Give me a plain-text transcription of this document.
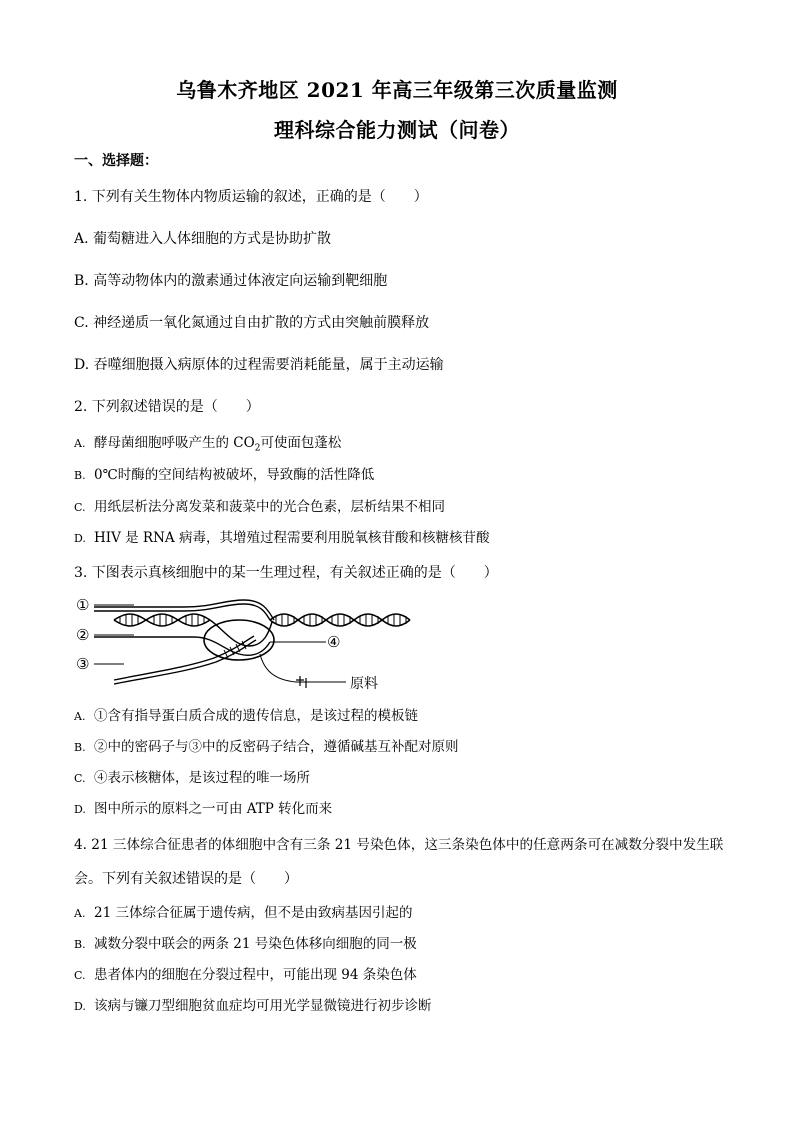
乌鲁木齐地区 2021 年高三年级第三次质量监测
理科综合能力测试（问卷）
一、选择题：
1. 下列有关生物体内物质运输的叙述，正确的是（　　）
A. 葡萄糖进入人体细胞的方式是协助扩散
B. 高等动物体内的激素通过体液定向运输到靶细胞
C. 神经递质一氧化氮通过自由扩散的方式由突触前膜释放
D. 吞噬细胞摄入病原体的过程需要消耗能量，属于主动运输
2. 下列叙述错误的是（　　）
A. 酵母菌细胞呼吸产生的 $CO_2$可使面包蓬松
B. 0℃时酶的空间结构被破坏，导致酶的活性降低
C. 用纸层析法分离发菜和菠菜中的光合色素，层析结果不相同
D. HIV 是 RNA 病毒，其增殖过程需要利用脱氧核苷酸和核糖核苷酸
3. 下图表示真核细胞中的某一生理过程，有关叙述正确的是（　　）
①
②
③
④
原料
A. ①含有指导蛋白质合成的遗传信息，是该过程的模板链
B. ②中的密码子与③中的反密码子结合，遵循碱基互补配对原则
C. ④表示核糖体，是该过程的唯一场所
D. 图中所示的原料之一可由 ATP 转化而来
4. 21 三体综合征患者的体细胞中含有三条 21 号染色体，这三条染色体中的任意两条可在减数分裂中发生联
会。下列有关叙述错误的是（　　）
A. 21 三体综合征属于遗传病，但不是由致病基因引起的
B. 减数分裂中联会的两条 21 号染色体移向细胞的同一极
C. 患者体内的细胞在分裂过程中，可能出现 94 条染色体
D. 该病与镰刀型细胞贫血症均可用光学显微镜进行初步诊断
